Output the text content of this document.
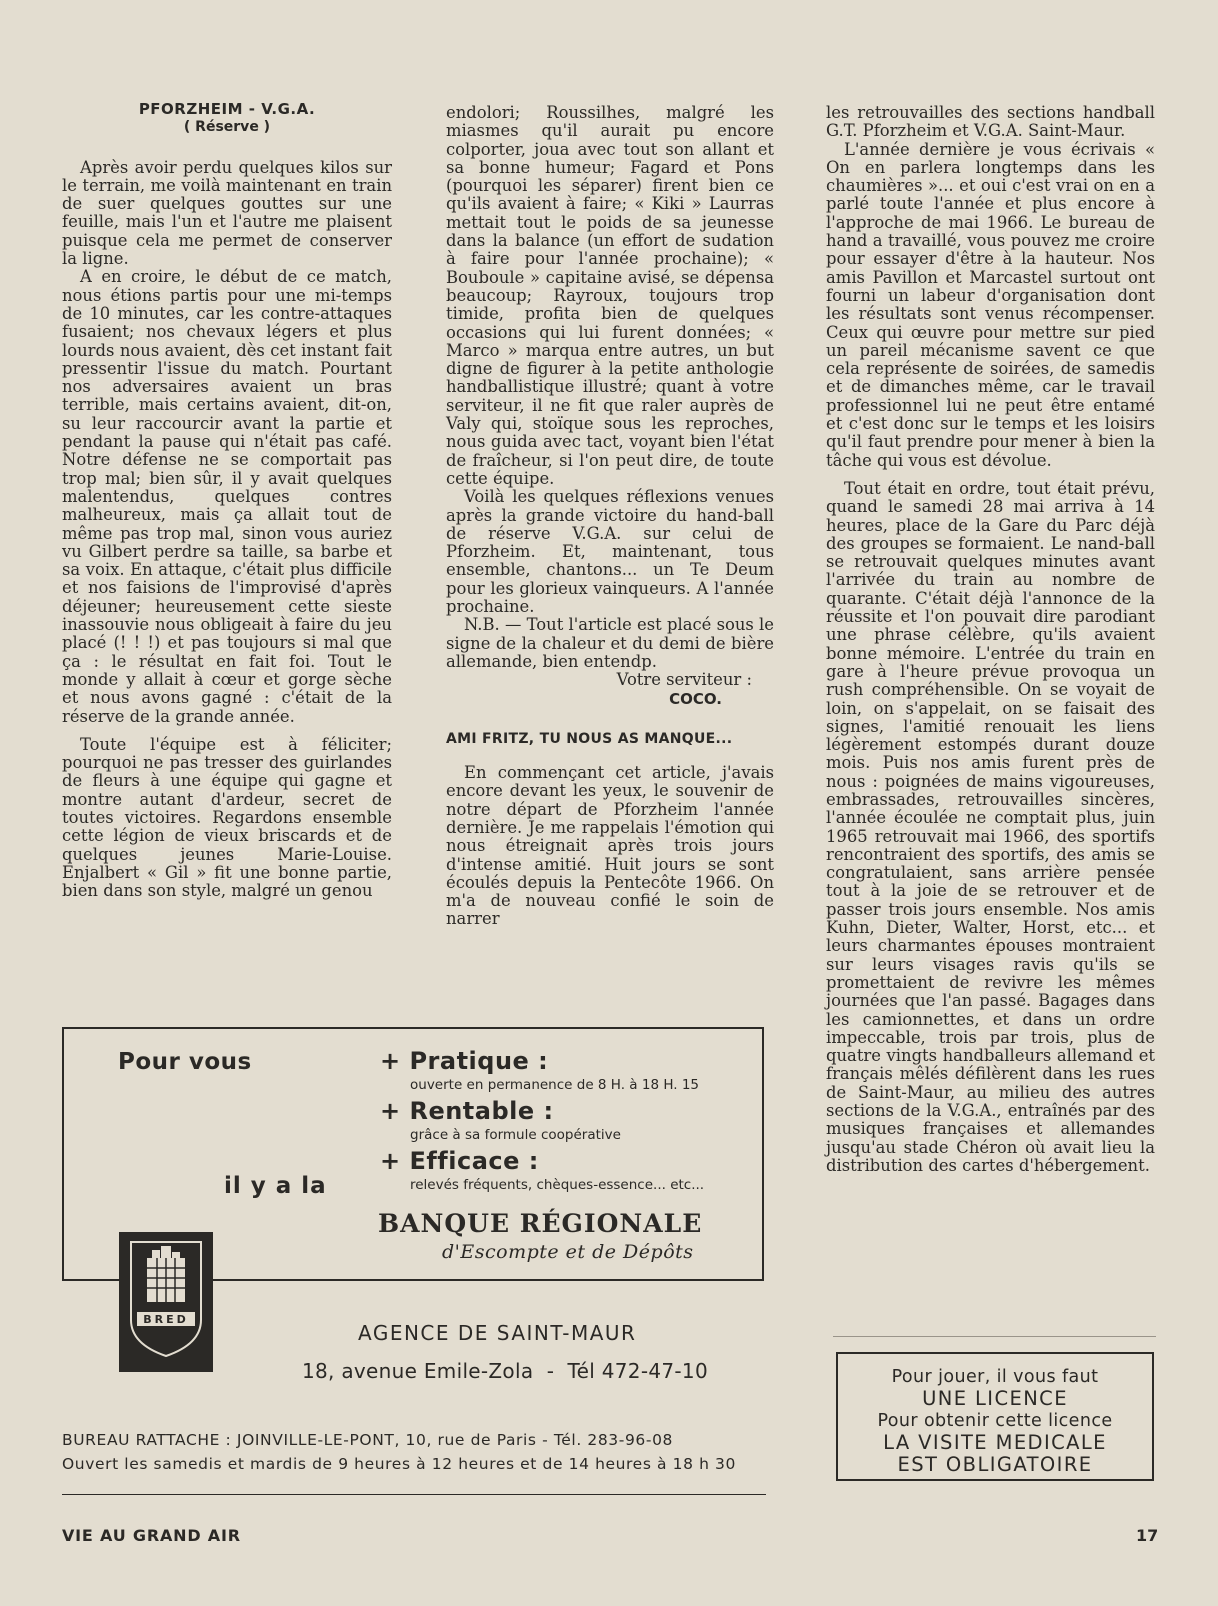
PFORZHEIM - V.G.A.
( Réserve )

Après avoir perdu quelques kilos sur le terrain, me voilà maintenant en train de suer quelques gouttes sur une feuille, mais l'un et l'autre me plaisent puisque cela me permet de conserver la ligne.

A en croire, le début de ce match, nous étions partis pour une mi-temps de 10 minutes, car les contre-attaques fusaient; nos chevaux légers et plus lourds nous avaient, dès cet instant fait pressentir l'issue du match. Pourtant nos adversaires avaient un bras terrible, mais certains avaient, dit-on, su leur raccourcir avant la partie et pendant la pause qui n'était pas café. Notre défense ne se comportait pas trop mal; bien sûr, il y avait quelques malentendus, quelques contres malheureux, mais ça allait tout de même pas trop mal, sinon vous auriez vu Gilbert perdre sa taille, sa barbe et sa voix. En attaque, c'était plus difficile et nos faisions de l'improvisé d'après déjeuner; heureusement cette sieste inassouvie nous obligeait à faire du jeu placé (! ! !) et pas toujours si mal que ça : le résultat en fait foi. Tout le monde y allait à cœur et gorge sèche et nous avons gagné : c'était de la réserve de la grande année.

Toute l'équipe est à féliciter; pourquoi ne pas tresser des guirlandes de fleurs à une équipe qui gagne et montre autant d'ardeur, secret de toutes victoires. Regardons ensemble cette légion de vieux briscards et de quelques jeunes Marie-Louise. Enjalbert « Gil » fit une bonne partie, bien dans son style, malgré un genou

endolori; Roussilhes, malgré les miasmes qu'il aurait pu encore colporter, joua avec tout son allant et sa bonne humeur; Fagard et Pons (pourquoi les séparer) firent bien ce qu'ils avaient à faire; « Kiki » Laurras mettait tout le poids de sa jeunesse dans la balance (un effort de sudation à faire pour l'année prochaine); « Bouboule » capitaine avisé, se dépensa beaucoup; Rayroux, toujours trop timide, profita bien de quelques occasions qui lui furent données; « Marco » marqua entre autres, un but digne de figurer à la petite anthologie handballistique illustré; quant à votre serviteur, il ne fit que raler auprès de Valy qui, stoïque sous les reproches, nous guida avec tact, voyant bien l'état de fraîcheur, si l'on peut dire, de toute cette équipe.

Voilà les quelques réflexions venues après la grande victoire du hand-ball de réserve V.G.A. sur celui de Pforzheim. Et, maintenant, tous ensemble, chantons... un Te Deum pour les glorieux vainqueurs. A l'année prochaine.

N.B. — Tout l'article est placé sous le signe de la chaleur et du demi de bière allemande, bien entendp.

Votre serviteur :
COCO.
AMI FRITZ, TU NOUS AS MANQUE...

En commençant cet article, j'avais encore devant les yeux, le souvenir de notre départ de Pforzheim l'année dernière. Je me rappelais l'émotion qui nous étreignait après trois jours d'intense amitié. Huit jours se sont écoulés depuis la Pentecôte 1966. On m'a de nouveau confié le soin de narrer

les retrouvailles des sections handball G.T. Pforzheim et V.G.A. Saint-Maur.

L'année dernière je vous écrivais « On en parlera longtemps dans les chaumières »... et oui c'est vrai on en a parlé toute l'année et plus encore à l'approche de mai 1966. Le bureau de hand a travaillé, vous pouvez me croire pour essayer d'être à la hauteur. Nos amis Pavillon et Marcastel surtout ont fourni un labeur d'organisation dont les résultats sont venus récompenser. Ceux qui œuvre pour mettre sur pied un pareil mécanisme savent ce que cela représente de soirées, de samedis et de dimanches même, car le travail professionnel lui ne peut être entamé et c'est donc sur le temps et les loisirs qu'il faut prendre pour mener à bien la tâche qui vous est dévolue.

Tout était en ordre, tout était prévu, quand le samedi 28 mai arriva à 14 heures, place de la Gare du Parc déjà des groupes se formaient. Le nand-ball se retrouvait quelques minutes avant l'arrivée du train au nombre de quarante. C'était déjà l'annonce de la réussite et l'on pouvait dire parodiant une phrase célèbre, qu'ils avaient bonne mémoire. L'entrée du train en gare à l'heure prévue provoqua un rush compréhensible. On se voyait de loin, on s'appelait, on se faisait des signes, l'amitié renouait les liens légèrement estompés durant douze mois. Puis nos amis furent près de nous : poignées de mains vigoureuses, embrassades, retrouvailles sincères, l'année écoulée ne comptait plus, juin 1965 retrouvait mai 1966, des sportifs rencontraient des sportifs, des amis se congratulaient, sans arrière pensée tout à la joie de se retrouver et de passer trois jours ensemble. Nos amis Kuhn, Dieter, Walter, Horst, etc... et leurs charmantes épouses montraient sur leurs visages ravis qu'ils se promettaient de revivre les mêmes journées que l'an passé. Bagages dans les camionnettes, et dans un ordre impeccable, trois par trois, plus de quatre vingts handballeurs allemand et français mêlés défilèrent dans les rues de Saint-Maur, au milieu des autres sections de la V.G.A., entraînés par des musiques françaises et allemandes jusqu'au stade Chéron où avait lieu la distribution des cartes d'hébergement.

Pour vous
il y a la
+ Pratique :
ouverte en permanence de 8 H. à 18 H. 15
+ Rentable :
grâce à sa formule coopérative
+ Efficace :
relevés fréquents, chèques-essence... etc...
BANQUE RÉGIONALE
d'Escompte et de Dépôts
BRED
AGENCE DE SAINT-MAUR
18, avenue Emile-Zola  -  Tél 472-47-10
BUREAU RATTACHE : JOINVILLE-LE-PONT, 10, rue de Paris - Tél. 283-96-08
Ouvert les samedis et mardis de 9 heures à 12 heures et de 14 heures à 18 h 30
Pour jouer, il vous faut
UNE LICENCE
Pour obtenir cette licence
LA VISITE MEDICALE
EST OBLIGATOIRE
VIE AU GRAND AIR	17
